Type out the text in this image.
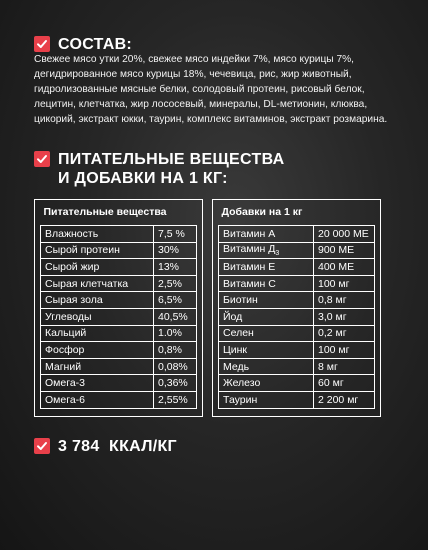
СОСТАВ:

Свежее мясо утки 20%, свежее мясо индейки 7%, мясо курицы 7%, дегидрированное мясо курицы 18%, чечевица, рис, жир животный, гидролизованные мясные белки, солодовый протеин, рисовый белок, лецитин, клетчатка, жир лососевый, минералы, DL-метионин, клюква, цикорий, экстракт юкки, таурин, комплекс витаминов, экстракт розмарина.

ПИТАТЕЛЬНЫЕ ВЕЩЕСТВА
И ДОБАВКИ НА 1 КГ:
Питательные вещества	
Влажность	7,5 %
Сырой протеин	30%
Сырой жир	13%
Сырая клетчатка	2,5%
Сырая зола	6,5%
Углеводы	40,5%
Кальций	1.0%
Фосфор	0,8%
Магний	0,08%
Омега-3	0,36%
Омега-6	2,55%
Добавки на 1 кг	
Витамин А	20 000 МЕ
Витамин $Д_3$	900 МЕ
Витамин Е	400 МЕ
Витамин С	100 мг
Биотин	0,8 мг
Йод	3,0 мг
Селен	0,2 мг
Цинк	100 мг
Медь	8 мг
Железо	60 мг
Таурин	2 200 мг
3 784  ККАЛ/КГ
